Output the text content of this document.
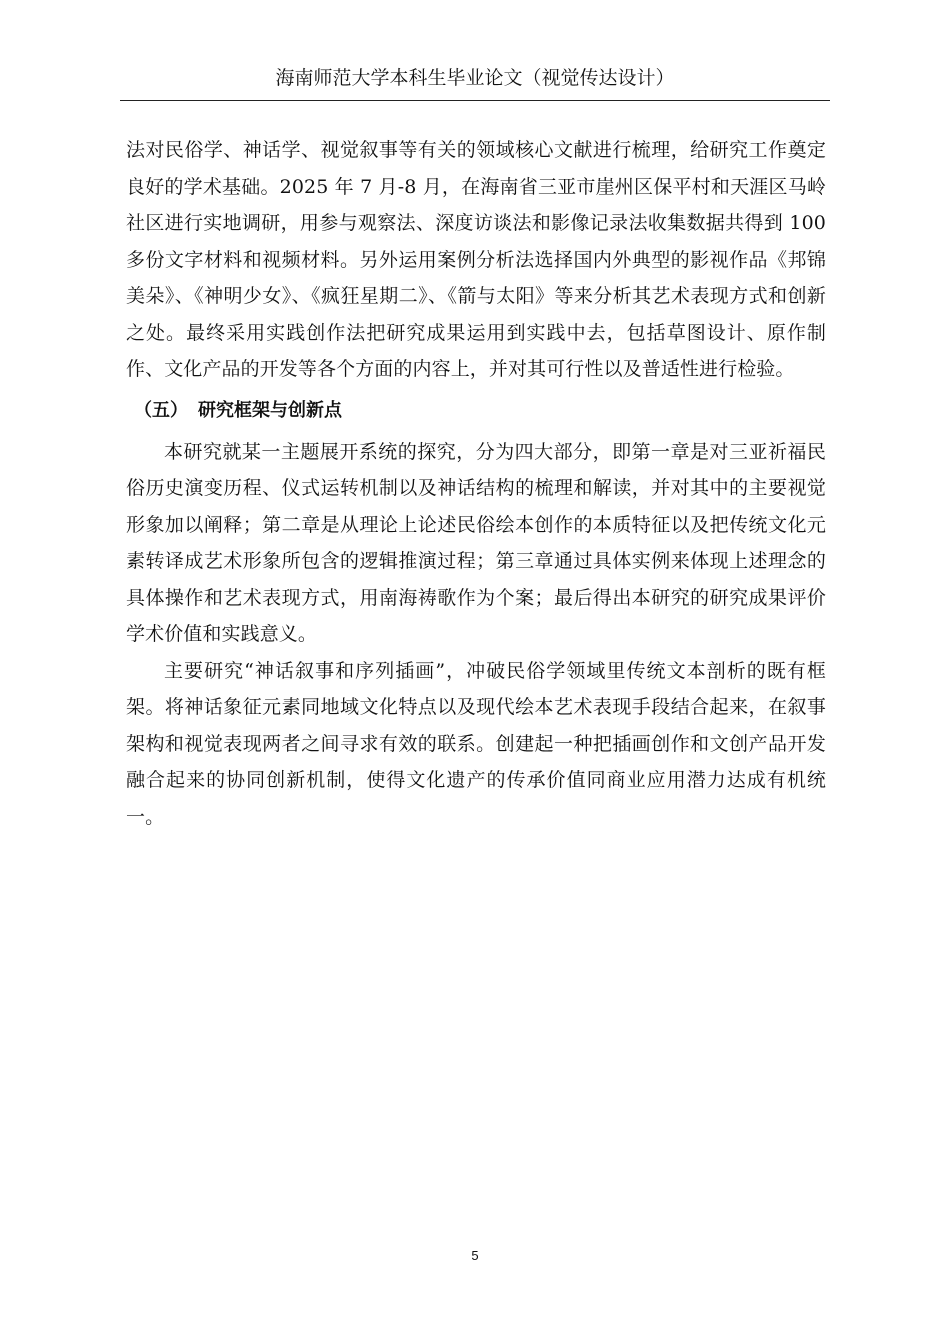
海南师范大学本科生毕业论文（视觉传达设计）

法对民俗学、神话学、视觉叙事等有关的领域核心文献进行梳理，给研究工作奠定良好的学术基础。2025 年 7 月-8 月，在海南省三亚市崖州区保平村和天涯区马岭社区进行实地调研，用参与观察法、深度访谈法和影像记录法收集数据共得到 100 多份文字材料和视频材料。另外运用案例分析法选择国内外典型的影视作品《邦锦美朵》、《神明少女》、《疯狂星期二》、《箭与太阳》等来分析其艺术表现方式和创新之处。最终采用实践创作法把研究成果运用到实践中去，包括草图设计、原作制作、文化产品的开发等各个方面的内容上，并对其可行性以及普适性进行检验。

（五） 研究框架与创新点

本研究就某一主题展开系统的探究，分为四大部分，即第一章是对三亚祈福民俗历史演变历程、仪式运转机制以及神话结构的梳理和解读，并对其中的主要视觉形象加以阐释；第二章是从理论上论述民俗绘本创作的本质特征以及把传统文化元素转译成艺术形象所包含的逻辑推演过程；第三章通过具体实例来体现上述理念的具体操作和艺术表现方式，用南海祷歌作为个案；最后得出本研究的研究成果评价学术价值和实践意义。

主要研究“神话叙事和序列插画”，冲破民俗学领域里传统文本剖析的既有框架。将神话象征元素同地域文化特点以及现代绘本艺术表现手段结合起来，在叙事架构和视觉表现两者之间寻求有效的联系。创建起一种把插画创作和文创产品开发融合起来的协同创新机制，使得文化遗产的传承价值同商业应用潜力达成有机统一。

5
